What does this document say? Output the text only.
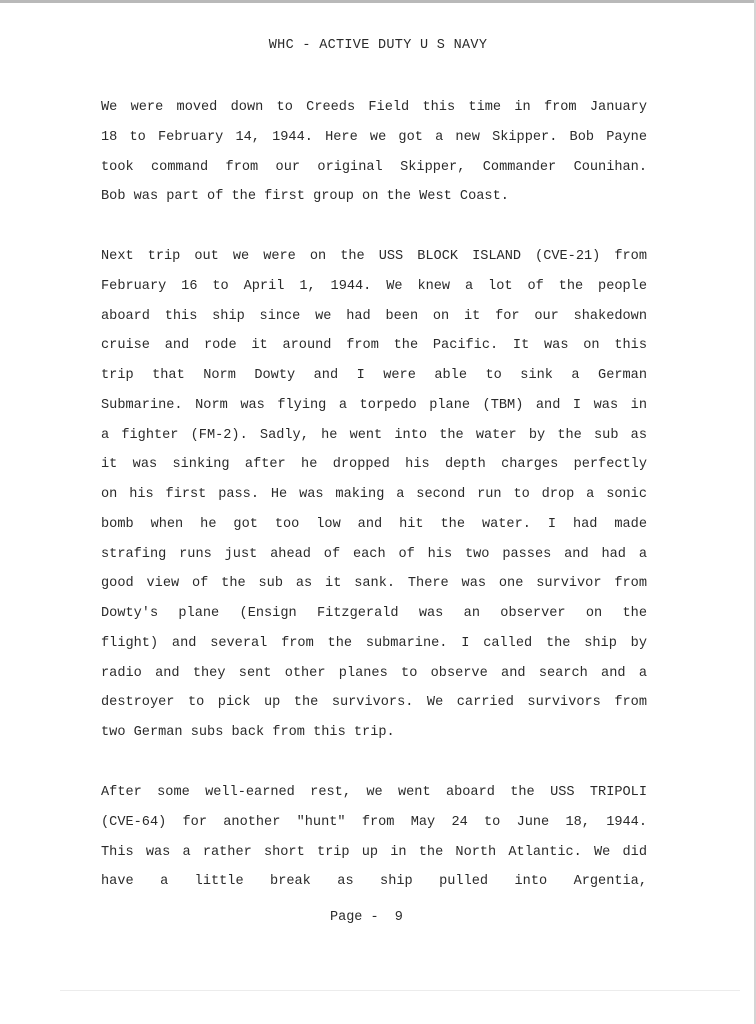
WHC - ACTIVE DUTY U S NAVY
We were moved down to Creeds Field this time in from January
18 to February 14, 1944. Here we got a new Skipper. Bob Payne
took command from our original Skipper, Commander Counihan.
Bob was part of the first group on the West Coast.
Next trip out we were on the USS BLOCK ISLAND (CVE-21) from
February 16 to April 1, 1944. We knew a lot of the people
aboard this ship since we had been on it for our shakedown
cruise and rode it around from the Pacific. It was on this
trip that Norm Dowty and I were able to sink a German
Submarine. Norm was flying a torpedo plane (TBM) and I was in
a fighter (FM-2). Sadly, he went into the water by the sub as
it was sinking after he dropped his depth charges perfectly
on his first pass. He was making a second run to drop a sonic
bomb when he got too low and hit the water. I had made
strafing runs just ahead of each of his two passes and had a
good view of the sub as it sank. There was one survivor from
Dowty's plane (Ensign Fitzgerald was an observer on the
flight) and several from the submarine. I called the ship by
radio and they sent other planes to observe and search and a
destroyer to pick up the survivors. We carried survivors from
two German subs back from this trip.
After some well-earned rest, we went aboard the USS TRIPOLI
(CVE-64) for another "hunt" from May 24 to June 18, 1944.
This was a rather short trip up in the North Atlantic. We did
have a little break as ship pulled into Argentia,
Page -  9
